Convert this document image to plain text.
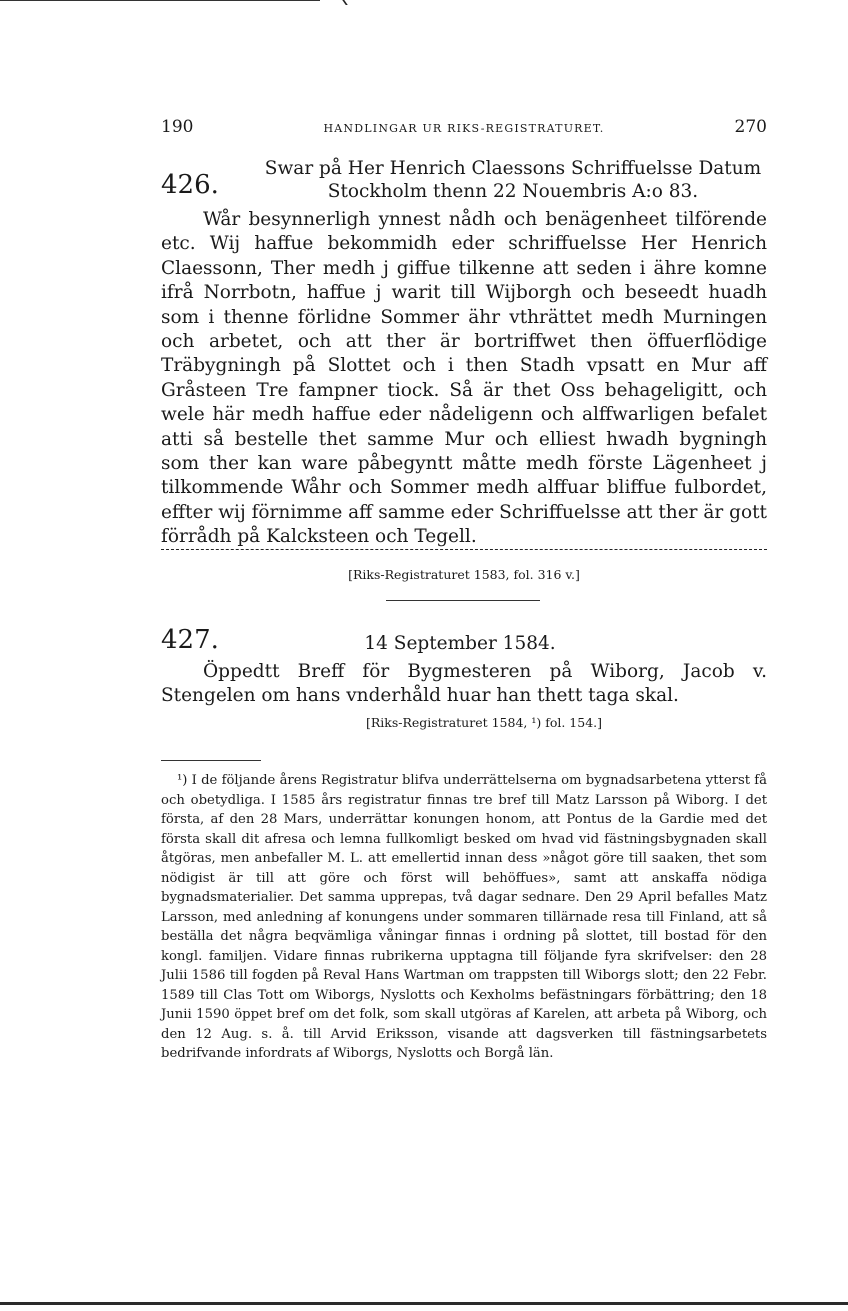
190	HANDLINGAR UR RIKS-REGISTRATURET.	270
426.
Swar på Her Henrich Claessons Schriffuelsse Datum Stockholm thenn 22 Nouembris A:o 83.

Wår besynnerligh ynnest nådh och benägenheet tilförende etc. Wij haffue bekommidh eder schriffuelsse Her Henrich Claessonn, Ther medh j giffue tilkenne att seden i ähre komne ifrå Norrbotn, haffue j warit till Wijborgh och beseedt huadh som i thenne förlidne Sommer ähr vthrättet medh Murningen och arbetet, och att ther är bortriffwet then öffuerflödige Träbygningh på Slottet och i then Stadh vpsatt en Mur aff Gråsteen Tre fampner tiock. Så är thet Oss behageligitt, och wele här medh haffue eder nådeligenn och alffwarligen befalet atti så bestelle thet samme Mur och elliest hwadh bygningh som ther kan ware påbegyntt måtte medh förste Lägenheet j tilkommende Wåhr och Sommer medh alffuar bliffue fulbordet, effter wij förnimme aff samme eder Schriffuelsse att ther är gott förrådh på Kalcksteen och Tegell.

[Riks-Registraturet 1583, fol. 316 v.]
427.	14 September 1584.

Öppedtt Breff för Bygmesteren på Wiborg, Jacob v. Stengelen om hans vnderhåld huar han thett taga skal.

[Riks-Registraturet 1584, ¹) fol. 154.]

¹) I de följande årens Registratur blifva underrättelserna om bygnadsarbetena ytterst få och obetydliga. I 1585 års registratur finnas tre bref till Matz Larsson på Wiborg. I det första, af den 28 Mars, underrättar konungen honom, att Pontus de la Gardie med det första skall dit afresa och lemna fullkomligt besked om hvad vid fästningsbygnaden skall åtgöras, men anbefaller M. L. att emellertid innan dess »något göre till saaken, thet som nödigist är till att göre och först will behöffues», samt att anskaffa nödiga bygnadsmaterialier. Det samma upprepas, två dagar sednare. Den 29 April befalles Matz Larsson, med anledning af konungens under sommaren tillärnade resa till Finland, att så beställa det några beqvämliga våningar finnas i ordning på slottet, till bostad för den kongl. familjen. Vidare finnas rubrikerna upptagna till följande fyra skrifvelser: den 28 Julii 1586 till fogden på Reval Hans Wartman om trappsten till Wiborgs slott; den 22 Febr. 1589 till Clas Tott om Wiborgs, Nyslotts och Kexholms befästningars förbättring; den 18 Junii 1590 öppet bref om det folk, som skall utgöras af Karelen, att arbeta på Wiborg, och den 12 Aug. s. å. till Arvid Eriksson, visande att dagsverken till fästningsarbetets bedrifvande infordrats af Wiborgs, Nyslotts och Borgå län.
